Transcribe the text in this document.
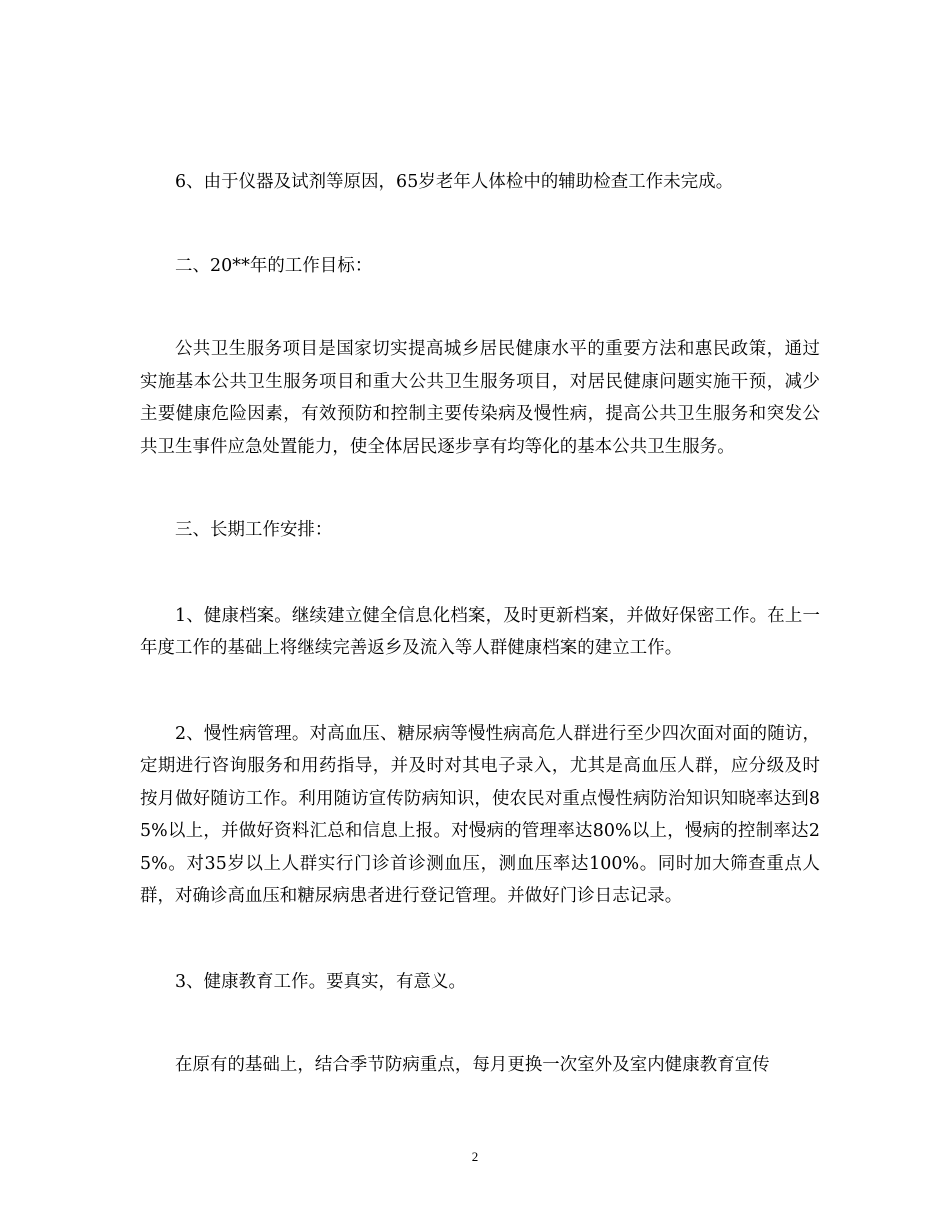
6、由于仪器及试剂等原因，65岁老年人体检中的辅助检查工作未完成。

二、20**年的工作目标：

公共卫生服务项目是国家切实提高城乡居民健康水平的重要方法和惠民政策，通过实施基本公共卫生服务项目和重大公共卫生服务项目，对居民健康问题实施干预，减少主要健康危险因素，有效预防和控制主要传染病及慢性病，提高公共卫生服务和突发公共卫生事件应急处置能力，使全体居民逐步享有均等化的基本公共卫生服务。

三、长期工作安排：

1、健康档案。继续建立健全信息化档案，及时更新档案，并做好保密工作。在上一年度工作的基础上将继续完善返乡及流入等人群健康档案的建立工作。

2、慢性病管理。对高血压、糖尿病等慢性病高危人群进行至少四次面对面的随访，定期进行咨询服务和用药指导，并及时对其电子录入，尤其是高血压人群，应分级及时按月做好随访工作。利用随访宣传防病知识，使农民对重点慢性病防治知识知晓率达到85%以上，并做好资料汇总和信息上报。对慢病的管理率达80%以上，慢病的控制率达25%。对35岁以上人群实行门诊首诊测血压，测血压率达100%。同时加大筛查重点人群，对确诊高血压和糖尿病患者进行登记管理。并做好门诊日志记录。

3、健康教育工作。要真实，有意义。

在原有的基础上，结合季节防病重点，每月更换一次室外及室内健康教育宣传

2
